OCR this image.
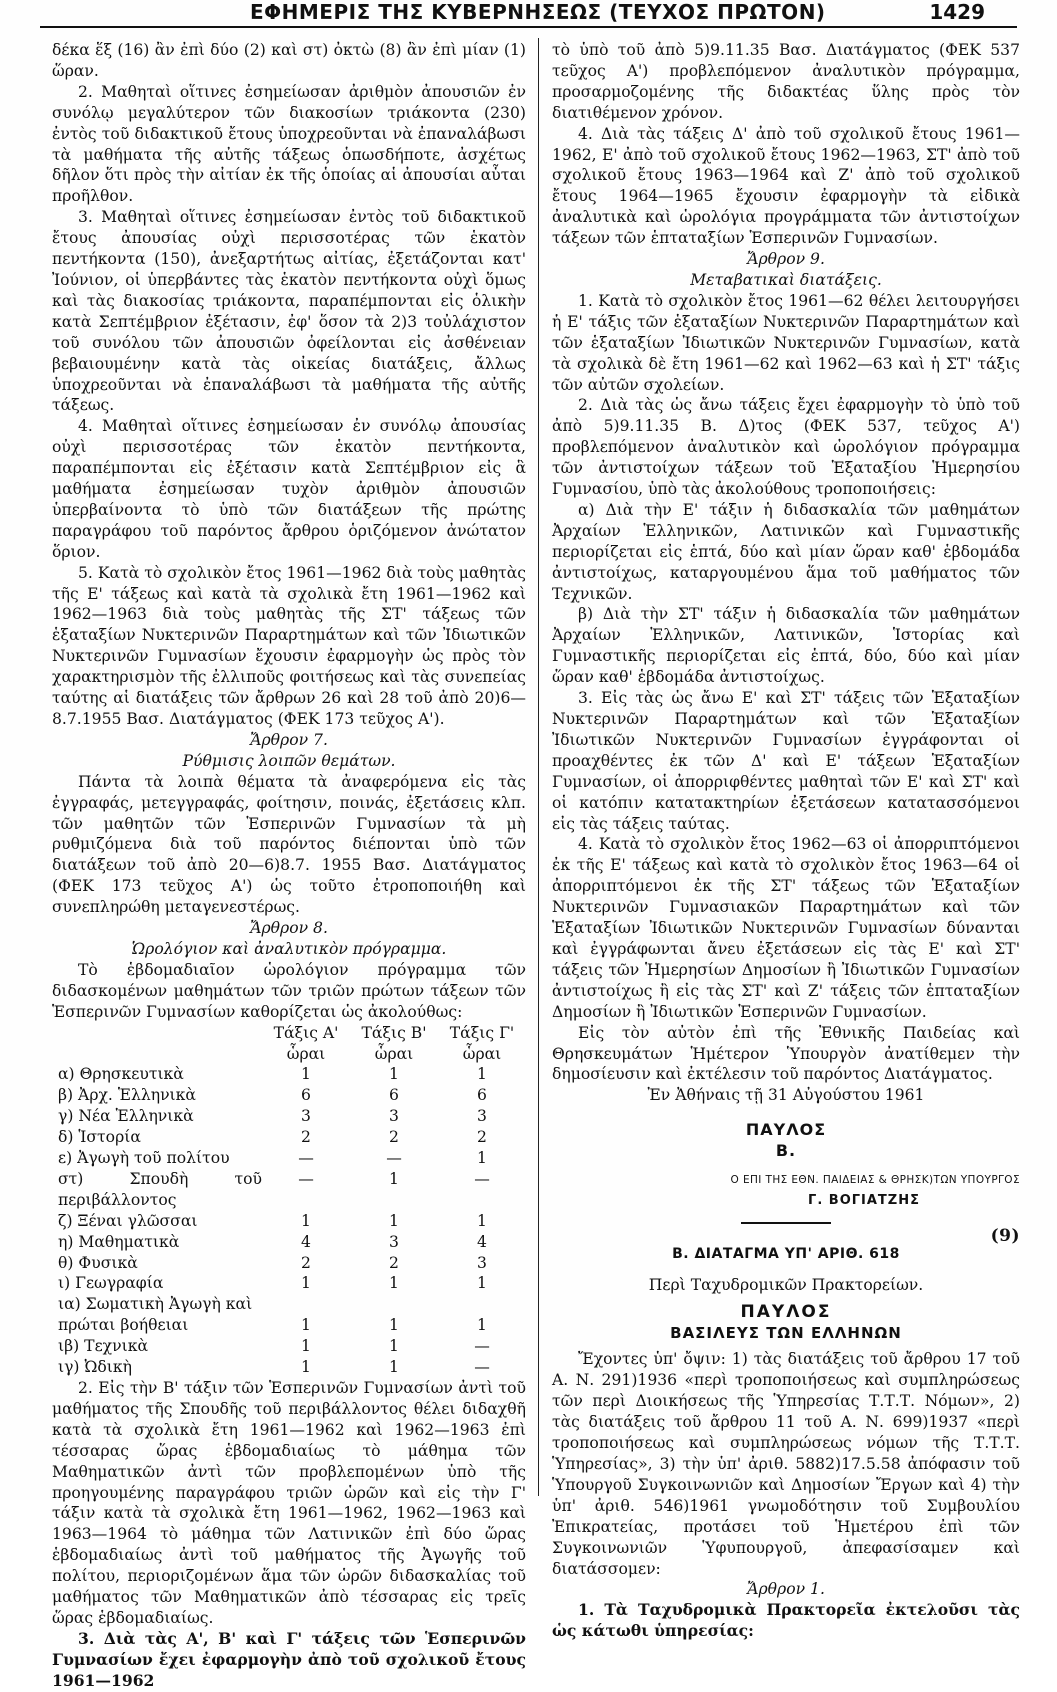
ΕΦΗΜΕΡΙΣ ΤΗΣ ΚΥΒΕΡΝΗΣΕΩΣ (ΤΕΥΧΟΣ ΠΡΩΤΟΝ)	1429

δέκα ἕξ (16) ἂν ἐπὶ δύο (2) καὶ στ) ὀκτὼ (8) ἂν ἐπὶ μίαν (1) ὥραν.

2. Μαθηταὶ οἵτινες ἐσημείωσαν ἀριθμὸν ἀπουσιῶν ἐν συνόλῳ μεγαλύτερον τῶν διακοσίων τριάκοντα (230) ἐντὸς τοῦ διδακτικοῦ ἔτους ὑποχρεοῦνται νὰ ἐπαναλάβωσι τὰ μαθήματα τῆς αὐτῆς τάξεως ὁπωσδήποτε, ἀσχέτως δῆλον ὅτι πρὸς τὴν αἰτίαν ἐκ τῆς ὁποίας αἱ ἀπουσίαι αὗται προῆλθον.

3. Μαθηταὶ οἵτινες ἐσημείωσαν ἐντὸς τοῦ διδακτικοῦ ἔτους ἀπουσίας οὐχὶ περισσοτέρας τῶν ἑκατὸν πεντήκοντα (150), ἀνεξαρτήτως αἰτίας, ἐξετάζονται κατ' Ἰούνιον, οἱ ὑπερβάντες τὰς ἑκατὸν πεντήκοντα οὐχὶ ὅμως καὶ τὰς διακοσίας τριάκοντα, παραπέμπονται εἰς ὁλικὴν κατὰ Σεπτέμβριον ἐξέτασιν, ἐφ' ὅσον τὰ 2)3 τοὐλάχιστον τοῦ συνόλου τῶν ἀπουσιῶν ὀφείλονται εἰς ἀσθένειαν βεβαιουμένην κατὰ τὰς οἰκείας διατάξεις, ἄλλως ὑποχρεοῦνται νὰ ἐπαναλάβωσι τὰ μαθήματα τῆς αὐτῆς τάξεως.

4. Μαθηταὶ οἵτινες ἐσημείωσαν ἐν συνόλῳ ἀπουσίας οὐχὶ περισσοτέρας τῶν ἑκατὸν πεντήκοντα, παραπέμπονται εἰς ἐξέτασιν κατὰ Σεπτέμβριον εἰς ἃ μαθήματα ἐσημείωσαν τυχὸν ἀριθμὸν ἀπουσιῶν ὑπερβαίνοντα τὸ ὑπὸ τῶν διατάξεων τῆς πρώτης παραγράφου τοῦ παρόντος ἄρθρου ὁριζόμενον ἀνώτατον ὅριον.

5. Κατὰ τὸ σχολικὸν ἔτος 1961—1962 διὰ τοὺς μαθητὰς τῆς Ε' τάξεως καὶ κατὰ τὰ σχολικὰ ἔτη 1961—1962 καὶ 1962—1963 διὰ τοὺς μαθητὰς τῆς ΣΤ' τάξεως τῶν ἑξαταξίων Νυκτερινῶν Παραρτημάτων καὶ τῶν Ἰδιωτικῶν Νυκτερινῶν Γυμνασίων ἔχουσιν ἐφαρμογὴν ὡς πρὸς τὸν χαρακτηρισμὸν τῆς ἐλλιποῦς φοιτήσεως καὶ τὰς συνεπείας ταύτης αἱ διατάξεις τῶν ἄρθρων 26 καὶ 28 τοῦ ἀπὸ 20)6—8.7.1955 Βασ. Διατάγματος (ΦΕΚ 173 τεῦχος Α').

Ἄρθρον 7.

Ρύθμισις λοιπῶν θεμάτων.

Πάντα τὰ λοιπὰ θέματα τὰ ἀναφερόμενα εἰς τὰς ἐγγραφάς, μετεγγραφάς, φοίτησιν, ποινάς, ἐξετάσεις κλπ. τῶν μαθητῶν τῶν Ἑσπερινῶν Γυμνασίων τὰ μὴ ρυθμιζόμενα διὰ τοῦ παρόντος διέπονται ὑπὸ τῶν διατάξεων τοῦ ἀπὸ 20—6)8.7. 1955 Βασ. Διατάγματος (ΦΕΚ 173 τεῦχος Α') ὡς τοῦτο ἐτροποποιήθη καὶ συνεπληρώθη μεταγενεστέρως.

Ἄρθρον 8.

Ὡρολόγιον καὶ ἀναλυτικὸν πρόγραμμα.

Τὸ ἑβδομαδιαῖον ὡρολόγιον πρόγραμμα τῶν διδασκομένων μαθημάτων τῶν τριῶν πρώτων τάξεων τῶν Ἑσπερινῶν Γυμνασίων καθορίζεται ὡς ἀκολούθως:

	Τάξις Α'	Τάξις Β'	Τάξις Γ'
	ὧραι	ὧραι	ὧραι
α) Θρησκευτικὰ	1	1	1
β) Ἀρχ. Ἑλληνικὰ	6	6	6
γ) Νέα Ἑλληνικὰ	3	3	3
δ) Ἱστορία	2	2	2
ε) Ἀγωγὴ τοῦ πολίτου	—	—	1
στ) Σπουδὴ τοῦ περιβάλλοντος	—	1	—
ζ) Ξέναι γλῶσσαι	1	1	1
η) Μαθηματικὰ	4	3	4
θ) Φυσικὰ	2	2	3
ι) Γεωγραφία	1	1	1
ια) Σωματικὴ Ἀγωγὴ καὶ			
πρώται βοήθειαι	1	1	1
ιβ) Τεχνικὰ	1	1	—
ιγ) Ὠδικὴ	1	1	—

2. Εἰς τὴν Β' τάξιν τῶν Ἑσπερινῶν Γυμνασίων ἀντὶ τοῦ μαθήματος τῆς Σπουδῆς τοῦ περιβάλλοντος θέλει διδαχθῆ κατὰ τὰ σχολικὰ ἔτη 1961—1962 καὶ 1962—1963 ἐπὶ τέσσαρας ὥρας ἑβδομαδιαίως τὸ μάθημα τῶν Μαθηματικῶν ἀντὶ τῶν προβλεπομένων ὑπὸ τῆς προηγουμένης παραγράφου τριῶν ὡρῶν καὶ εἰς τὴν Γ' τάξιν κατὰ τὰ σχολικὰ ἔτη 1961—1962, 1962—1963 καὶ 1963—1964 τὸ μάθημα τῶν Λατινικῶν ἐπὶ δύο ὥρας ἑβδομαδιαίως ἀντὶ τοῦ μαθήματος τῆς Ἀγωγῆς τοῦ πολίτου, περιοριζομένων ἅμα τῶν ὡρῶν διδασκαλίας τοῦ μαθήματος τῶν Μαθηματικῶν ἀπὸ τέσσαρας εἰς τρεῖς ὥρας ἑβδομαδιαίως.

3. Διὰ τὰς Α', Β' καὶ Γ' τάξεις τῶν Ἑσπερινῶν Γυμνασίων ἔχει ἐφαρμογὴν ἀπὸ τοῦ σχολικοῦ ἔτους 1961—1962

τὸ ὑπὸ τοῦ ἀπὸ 5)9.11.35 Βασ. Διατάγματος (ΦΕΚ 537 τεῦχος Α') προβλεπόμενον ἀναλυτικὸν πρόγραμμα, προσαρμοζομένης τῆς διδακτέας ὕλης πρὸς τὸν διατιθέμενον χρόνον.

4. Διὰ τὰς τάξεις Δ' ἀπὸ τοῦ σχολικοῦ ἔτους 1961—1962, Ε' ἀπὸ τοῦ σχολικοῦ ἔτους 1962—1963, ΣΤ' ἀπὸ τοῦ σχολικοῦ ἔτους 1963—1964 καὶ Ζ' ἀπὸ τοῦ σχολικοῦ ἔτους 1964—1965 ἔχουσιν ἐφαρμογὴν τὰ εἰδικὰ ἀναλυτικὰ καὶ ὡρολόγια προγράμματα τῶν ἀντιστοίχων τάξεων τῶν ἑπταταξίων Ἑσπερινῶν Γυμνασίων.

Ἄρθρον 9.

Μεταβατικαὶ διατάξεις.

1. Κατὰ τὸ σχολικὸν ἔτος 1961—62 θέλει λειτουργήσει ἡ Ε' τάξις τῶν ἑξαταξίων Νυκτερινῶν Παραρτημάτων καὶ τῶν ἑξαταξίων Ἰδιωτικῶν Νυκτερινῶν Γυμνασίων, κατὰ τὰ σχολικὰ δὲ ἔτη 1961—62 καὶ 1962—63 καὶ ἡ ΣΤ' τάξις τῶν αὐτῶν σχολείων.

2. Διὰ τὰς ὡς ἄνω τάξεις ἔχει ἐφαρμογὴν τὸ ὑπὸ τοῦ ἀπὸ 5)9.11.35 Β. Δ)τος (ΦΕΚ 537, τεῦχος Α') προβλεπόμενον ἀναλυτικὸν καὶ ὡρολόγιον πρόγραμμα τῶν ἀντιστοίχων τάξεων τοῦ Ἑξαταξίου Ἡμερησίου Γυμνασίου, ὑπὸ τὰς ἀκολούθους τροποποιήσεις:

α) Διὰ τὴν Ε' τάξιν ἡ διδασκαλία τῶν μαθημάτων Ἀρχαίων Ἑλληνικῶν, Λατινικῶν καὶ Γυμναστικῆς περιορίζεται εἰς ἑπτά, δύο καὶ μίαν ὥραν καθ' ἑβδομάδα ἀντιστοίχως, καταργουμένου ἅμα τοῦ μαθήματος τῶν Τεχνικῶν.

β) Διὰ τὴν ΣΤ' τάξιν ἡ διδασκαλία τῶν μαθημάτων Ἀρχαίων Ἑλληνικῶν, Λατινικῶν, Ἱστορίας καὶ Γυμναστικῆς περιορίζεται εἰς ἑπτά, δύο, δύο καὶ μίαν ὥραν καθ' ἑβδομάδα ἀντιστοίχως.

3. Εἰς τὰς ὡς ἄνω Ε' καὶ ΣΤ' τάξεις τῶν Ἑξαταξίων Νυκτερινῶν Παραρτημάτων καὶ τῶν Ἑξαταξίων Ἰδιωτικῶν Νυκτερινῶν Γυμνασίων ἐγγράφονται οἱ προαχθέντες ἐκ τῶν Δ' καὶ Ε' τάξεων Ἑξαταξίων Γυμνασίων, οἱ ἀπορριφθέντες μαθηταὶ τῶν Ε' καὶ ΣΤ' καὶ οἱ κατόπιν κατατακτηρίων ἐξετάσεων κατατασσόμενοι εἰς τὰς τάξεις ταύτας.

4. Κατὰ τὸ σχολικὸν ἔτος 1962—63 οἱ ἀπορριπτόμενοι ἐκ τῆς Ε' τάξεως καὶ κατὰ τὸ σχολικὸν ἔτος 1963—64 οἱ ἀπορριπτόμενοι ἐκ τῆς ΣΤ' τάξεως τῶν Ἑξαταξίων Νυκτερινῶν Γυμνασιακῶν Παραρτημάτων καὶ τῶν Ἑξαταξίων Ἰδιωτικῶν Νυκτερινῶν Γυμνασίων δύνανται καὶ ἐγγράφωνται ἄνευ ἐξετάσεων εἰς τὰς Ε' καὶ ΣΤ' τάξεις τῶν Ἡμερησίων Δημοσίων ἢ Ἰδιωτικῶν Γυμνασίων ἀντιστοίχως ἢ εἰς τὰς ΣΤ' καὶ Ζ' τάξεις τῶν ἑπταταξίων Δημοσίων ἢ Ἰδιωτικῶν Ἑσπερινῶν Γυμνασίων.

Εἰς τὸν αὐτὸν ἐπὶ τῆς Ἐθνικῆς Παιδείας καὶ Θρησκευμάτων Ἡμέτερον Ὑπουργὸν ἀνατίθεμεν τὴν δημοσίευσιν καὶ ἐκτέλεσιν τοῦ παρόντος Διατάγματος.

Ἐν Ἀθήναις τῇ 31 Αὐγούστου 1961

ΠΑΥΛΟΣ
Β.
Ο ΕΠΙ ΤΗΣ ΕΘΝ. ΠΑΙΔΕΙΑΣ & ΘΡΗΣΚ)ΤΩΝ ΥΠΟΥΡΓΟΣ
Γ. ΒΟΓΙΑΤΖΗΣ
(9)
Β. ΔΙΑΤΑΓΜΑ ΥΠ' ΑΡΙΘ. 618

Περὶ Ταχυδρομικῶν Πρακτορείων.

ΠΑΥΛΟΣ
ΒΑΣΙΛΕΥΣ ΤΩΝ ΕΛΛΗΝΩΝ

Ἔχοντες ὑπ' ὄψιν: 1) τὰς διατάξεις τοῦ ἄρθρου 17 τοῦ Α. Ν. 291)1936 «περὶ τροποποιήσεως καὶ συμπληρώσεως τῶν περὶ Διοικήσεως τῆς Ὑπηρεσίας Τ.Τ.Τ. Νόμων», 2) τὰς διατάξεις τοῦ ἄρθρου 11 τοῦ Α. Ν. 699)1937 «περὶ τροποποιήσεως καὶ συμπληρώσεως νόμων τῆς Τ.Τ.Τ. Ὑπηρεσίας», 3) τὴν ὑπ' ἀριθ. 5882)17.5.58 ἀπόφασιν τοῦ Ὑπουργοῦ Συγκοινωνιῶν καὶ Δημοσίων Ἔργων καὶ 4) τὴν ὑπ' ἀριθ. 546)1961 γνωμοδότησιν τοῦ Συμβουλίου Ἐπικρατείας, προτάσει τοῦ Ἡμετέρου ἐπὶ τῶν Συγκοινωνιῶν Ὑφυπουργοῦ, ἀπεφασίσαμεν καὶ διατάσσομεν:

Ἄρθρον 1.

1. Τὰ Ταχυδρομικὰ Πρακτορεῖα ἐκτελοῦσι τὰς ὡς κάτωθι ὑπηρεσίας:
